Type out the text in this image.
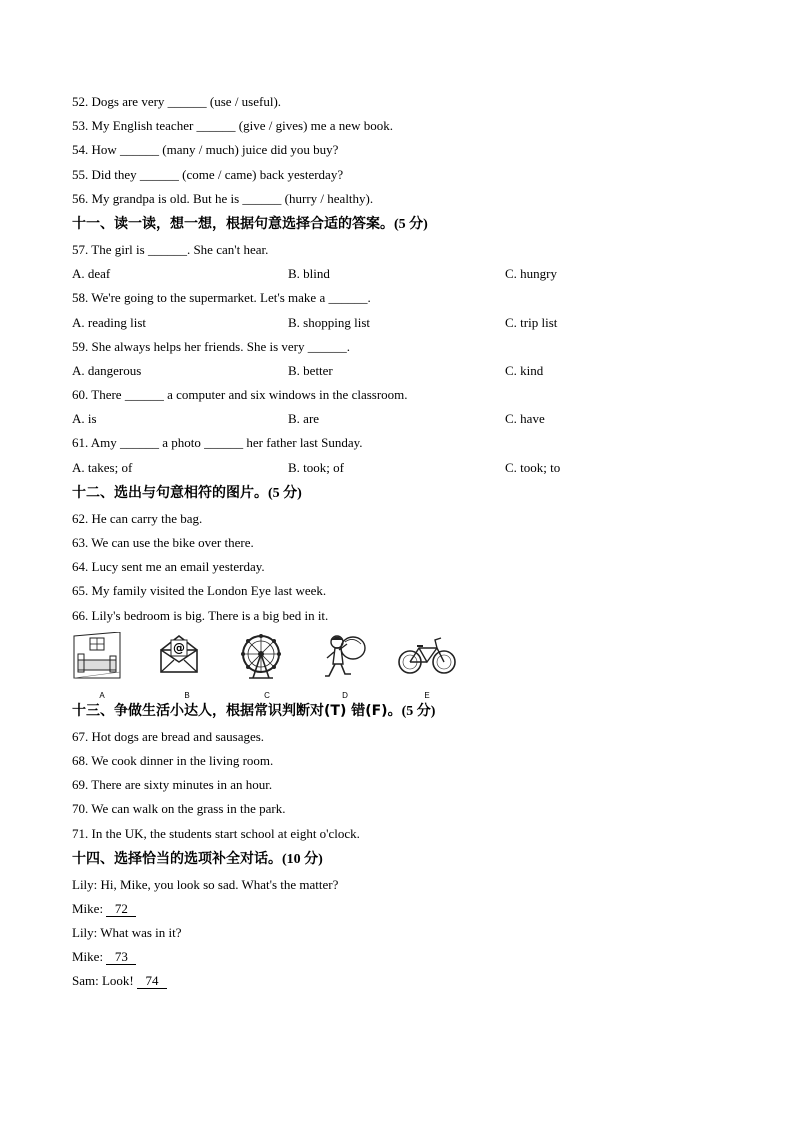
52. Dogs are very ______ (use / useful).
53. My English teacher ______ (give / gives) me a new book.
54. How ______ (many / much) juice did you buy?
55. Did they ______ (come / came) back yesterday?
56. My grandpa is old. But he is ______ (hurry / healthy).
十一、读一读，想一想，根据句意选择合适的答案。(5 分)
57. The girl is ______. She can't hear.
A. deaf	B. blind	C. hungry
58. We're going to the supermarket. Let's make a ______.
A. reading list	B. shopping list	C. trip list
59. She always helps her friends. She is very ______.
A. dangerous	B. better	C. kind
60. There ______ a computer and six windows in the classroom.
A. is	B. are	C. have
61. Amy ______ a photo ______ her father last Sunday.
A. takes; of	B. took; of	C. took; to
十二、选出与句意相符的图片。(5 分)
62. He can carry the bag.
63. We can use the bike over there.
64. Lucy sent me an email yesterday.
65. My family visited the London Eye last week.
66. Lily's bedroom is big. There is a big bed in it.
A
@
B	C	D	E
十三、争做生活小达人，根据常识判断对(T) 错(F)。(5 分)
67. Hot dogs are bread and sausages.
68. We cook dinner in the living room.
69. There are sixty minutes in an hour.
70. We can walk on the grass in the park.
71. In the UK, the students start school at eight o'clock.
十四、选择恰当的选项补全对话。(10 分)
Lily: Hi, Mike, you look so sad. What's the matter?
Mike: 72
Lily: What was in it?
Mike: 73
Sam: Look! 74
